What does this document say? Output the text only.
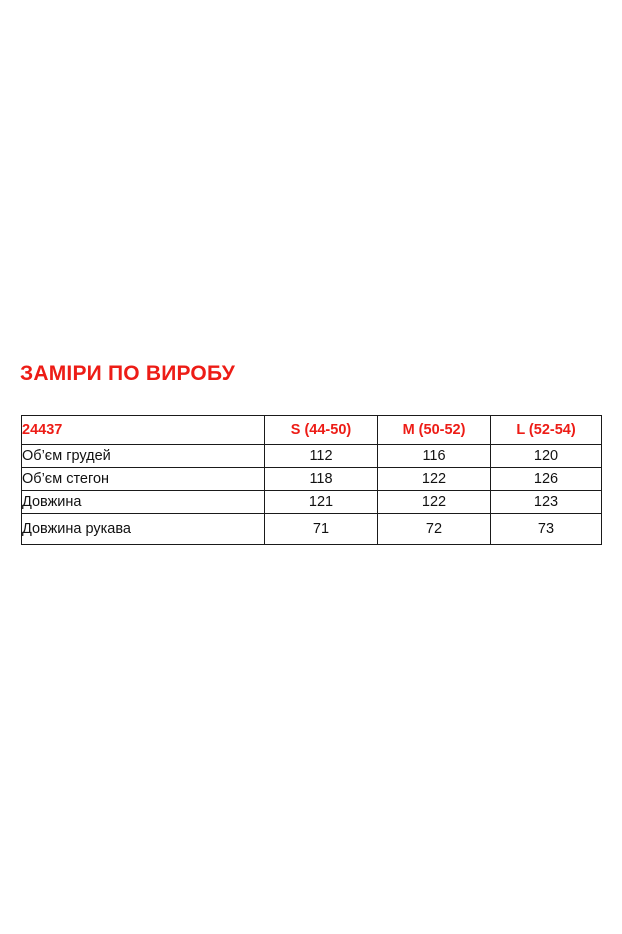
ЗАМІРИ ПО ВИРОБУ
24437	S (44-50)	M (50-52)	L (52-54)
Об’єм грудей	112	116	120
Об’єм стегон	118	122	126
Довжина	121	122	123
Довжина рукава	71	72	73
